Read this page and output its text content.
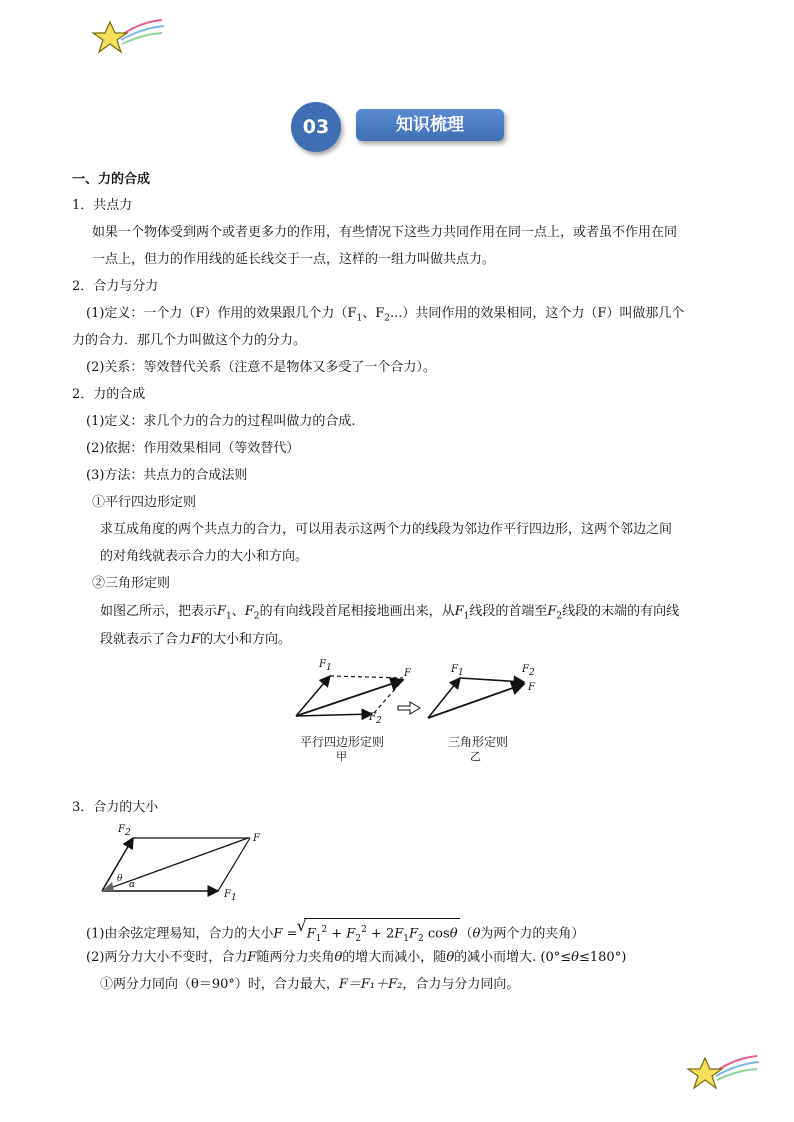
03	知识梳理
一、力的合成
1．共点力
如果一个物体受到两个或者更多力的作用，有些情况下这些力共同作用在同一点上，或者虽不作用在同
一点上，但力的作用线的延长线交于一点，这样的一组力叫做共点力。
2．合力与分力
(1)定义：一个力（F）作用的效果跟几个力（$F_1$、$F_2$...）共同作用的效果相同，这个力（F）叫做那几个
力的合力．那几个力叫做这个力的分力。
(2)关系：等效替代关系（注意不是物体又多受了一个合力）。
2．力的合成
(1)定义：求几个力的合力的过程叫做力的合成.
(2)依据：作用效果相同（等效替代）
(3)方法：共点力的合成法则
①平行四边形定则
求互成角度的两个共点力的合力，可以用表示这两个力的线段为邻边作平行四边形，这两个邻边之间
的对角线就表示合力的大小和方向。
②三角形定则
如图乙所示，把表示$F_1$、$F_2$的有向线段首尾相接地画出来，从$F_1$线段的首端至$F_2$线段的末端的有向线
段就表示了合力F的大小和方向。
$F_1$	F
$F_2$
$F_1$	$F_2$
F
平行四边形定则
甲
三角形定则
乙
3．合力的大小
$F_2$	F
$F_1$
θ
α
(1)由余弦定理易知，合力的大小F =
√ $F_1^2 + F_2^2 + 2F_1F_2$ cosθ （θ为两个力的夹角）
(2)两分力大小不变时，合力F随两分力夹角θ的增大而减小，随θ的减小而增大. (0°≤θ≤180°)
①两分力同向（θ＝90°）时，合力最大，F＝F₁＋F₂，合力与分力同向。
